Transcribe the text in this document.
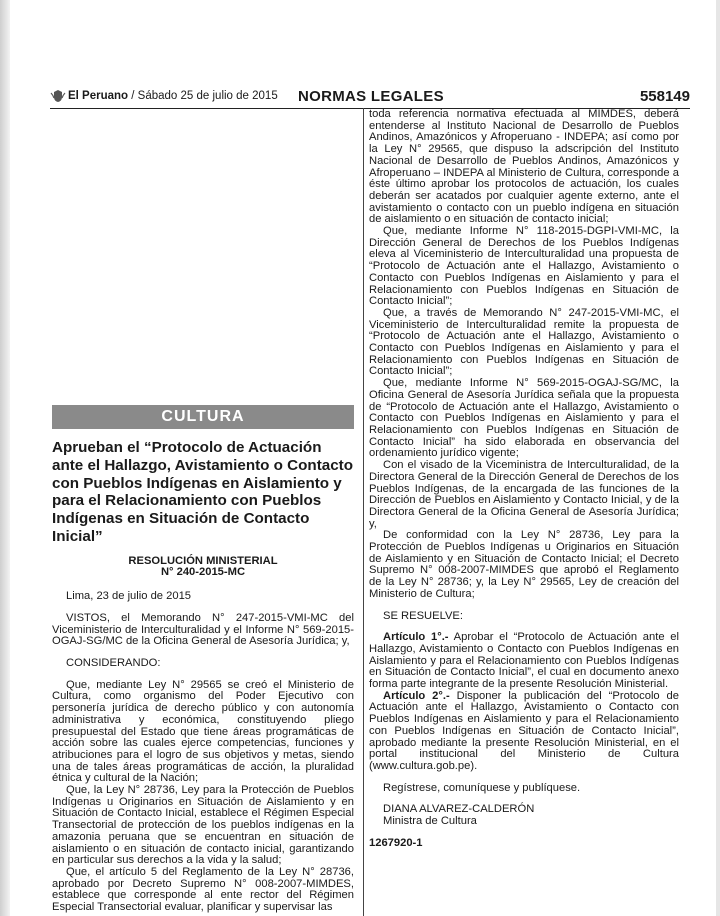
El Peruano / Sábado 25 de julio de 2015 NORMAS LEGALES	558149
CULTURA
Aprueban el “Protocolo de Actuación ante el Hallazgo, Avistamiento o Contacto con Pueblos Indígenas en Aislamiento y para el Relacionamiento con Pueblos Indígenas en Situación de Contacto Inicial”
RESOLUCIÓN MINISTERIAL
N° 240-2015-MC

Lima, 23 de julio de 2015

VISTOS, el Memorando N° 247-2015-VMI-MC del Viceministerio de Interculturalidad y el Informe N° 569-2015-OGAJ-SG/MC de la Oficina General de Asesoría Jurídica; y,

CONSIDERANDO:

Que, mediante Ley N° 29565 se creó el Ministerio de Cultura, como organismo del Poder Ejecutivo con personería jurídica de derecho público y con autonomía administrativa y económica, constituyendo pliego presupuestal del Estado que tiene áreas programáticas de acción sobre las cuales ejerce competencias, funciones y atribuciones para el logro de sus objetivos y metas, siendo una de tales áreas programáticas de acción, la pluralidad étnica y cultural de la Nación;

Que, la Ley N° 28736, Ley para la Protección de Pueblos Indígenas u Originarios en Situación de Aislamiento y en Situación de Contacto Inicial, establece el Régimen Especial Transectorial de protección de los pueblos indígenas en la amazonia peruana que se encuentran en situación de aislamiento o en situación de contacto inicial, garantizando en particular sus derechos a la vida y la salud;

Que, el artículo 5 del Reglamento de la Ley N° 28736, aprobado por Decreto Supremo N° 008-2007-MIMDES, establece que corresponde al ente rector del Régimen Especial Transectorial evaluar, planificar y supervisar las

toda referencia normativa efectuada al MIMDES, deberá entenderse al Instituto Nacional de Desarrollo de Pueblos Andinos, Amazónicos y Afroperuano - INDEPA; así como por la Ley N° 29565, que dispuso la adscripción del Instituto Nacional de Desarrollo de Pueblos Andinos, Amazónicos y Afroperuano – INDEPA al Ministerio de Cultura, corresponde a éste último aprobar los protocolos de actuación, los cuales deberán ser acatados por cualquier agente externo, ante el avistamiento o contacto con un pueblo indígena en situación de aislamiento o en situación de contacto inicial;

Que, mediante Informe N° 118-2015-DGPI-VMI-MC, la Dirección General de Derechos de los Pueblos Indígenas eleva al Viceministerio de Interculturalidad una propuesta de “Protocolo de Actuación ante el Hallazgo, Avistamiento o Contacto con Pueblos Indígenas en Aislamiento y para el Relacionamiento con Pueblos Indígenas en Situación de Contacto Inicial”;

Que, a través de Memorando N° 247-2015-VMI-MC, el Viceministerio de Interculturalidad remite la propuesta de “Protocolo de Actuación ante el Hallazgo, Avistamiento o Contacto con Pueblos Indígenas en Aislamiento y para el Relacionamiento con Pueblos Indígenas en Situación de Contacto Inicial”;

Que, mediante Informe N° 569-2015-OGAJ-SG/MC, la Oficina General de Asesoría Jurídica señala que la propuesta de “Protocolo de Actuación ante el Hallazgo, Avistamiento o Contacto con Pueblos Indígenas en Aislamiento y para el Relacionamiento con Pueblos Indígenas en Situación de Contacto Inicial” ha sido elaborada en observancia del ordenamiento jurídico vigente;

Con el visado de la Viceministra de Interculturalidad, de la Directora General de la Dirección General de Derechos de los Pueblos Indígenas, de la encargada de las funciones de la Dirección de Pueblos en Aislamiento y Contacto Inicial, y de la Directora General de la Oficina General de Asesoría Jurídica; y,

De conformidad con la Ley N° 28736, Ley para la Protección de Pueblos Indígenas u Originarios en Situación de Aislamiento y en Situación de Contacto Inicial; el Decreto Supremo N° 008-2007-MIMDES que aprobó el Reglamento de la Ley N° 28736; y, la Ley N° 29565, Ley de creación del Ministerio de Cultura;

SE RESUELVE:

Artículo 1°.- Aprobar el “Protocolo de Actuación ante el Hallazgo, Avistamiento o Contacto con Pueblos Indígenas en Aislamiento y para el Relacionamiento con Pueblos Indígenas en Situación de Contacto Inicial”, el cual en documento anexo forma parte integrante de la presente Resolución Ministerial.

Artículo 2°.- Disponer la publicación del “Protocolo de Actuación ante el Hallazgo, Avistamiento o Contacto con Pueblos Indígenas en Aislamiento y para el Relacionamiento con Pueblos Indígenas en Situación de Contacto Inicial”, aprobado mediante la presente Resolución Ministerial, en el portal institucional del Ministerio de Cultura (www.cultura.gob.pe).

Regístrese, comuníquese y publíquese.

DIANA ALVAREZ-CALDERÓN

Ministra de Cultura

1267920-1
